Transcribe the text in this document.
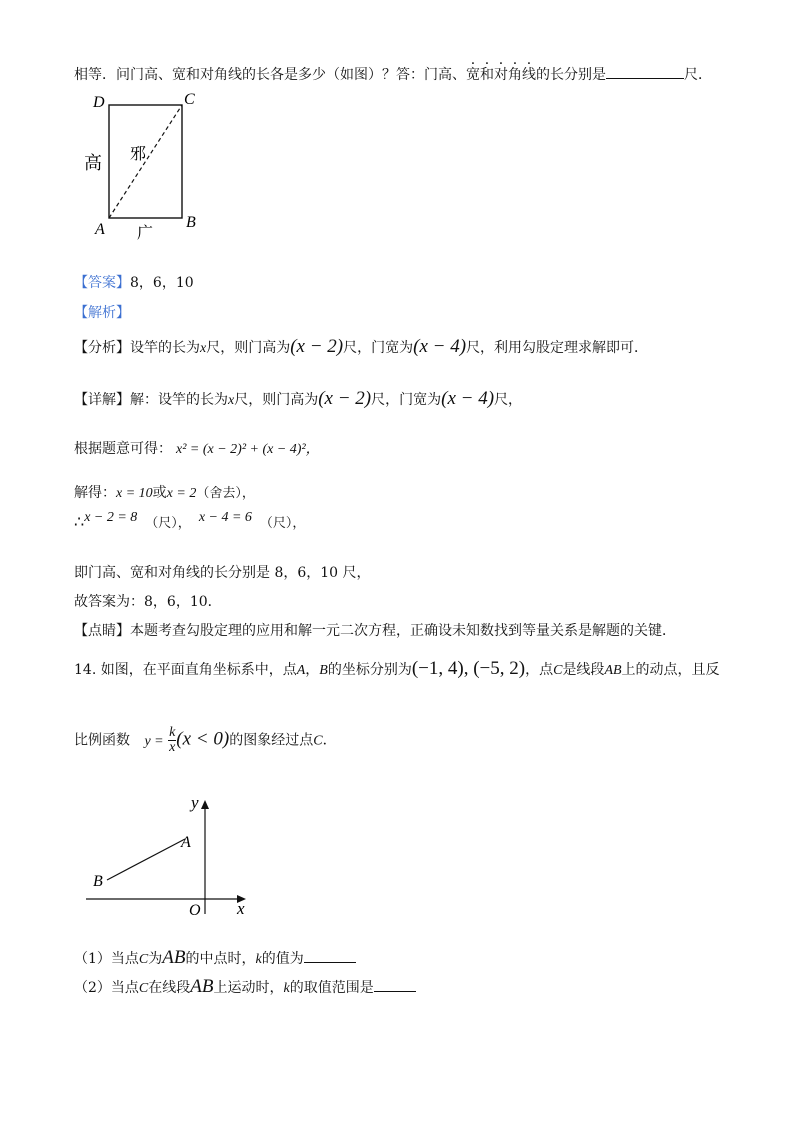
相等．问门高、宽和对角线的长各是多少（如图）？答：门高、宽和对角线的长分别是	尺．
D	C
A	B
高 邪
广
【答案】8，6，10
【解析】
【分析】设竿的长为x尺，则门高为(x − 2)尺，门宽为(x − 4)尺，利用勾股定理求解即可．
【详解】解：设竿的长为x尺，则门高为(x − 2)尺，门宽为(x − 4)尺，
根据题意可得： x² = (x − 2)² + (x − 4)²，
解得：x = 10或x = 2（舍去），
∴x − 2 = 8 （尺）， x − 4 = 6 （尺），
即门高、宽和对角线的长分别是 8，6，10 尺，
故答案为：8，6，10．
【点睛】本题考查勾股定理的应用和解一元二次方程，正确设未知数找到等量关系是解题的关键．
14. 如图，在平面直角坐标系中，点A，B的坐标分别为(−1, 4), (−5, 2)，点C是线段AB上的动点，且反
比例函数 $y = \frac{k}{x} (x < 0)$的图象经过点C．
y
x
O
A
B
（1）当点C为AB的中点时，k的值为
（2）当点C在线段AB上运动时，k的取值范围是
